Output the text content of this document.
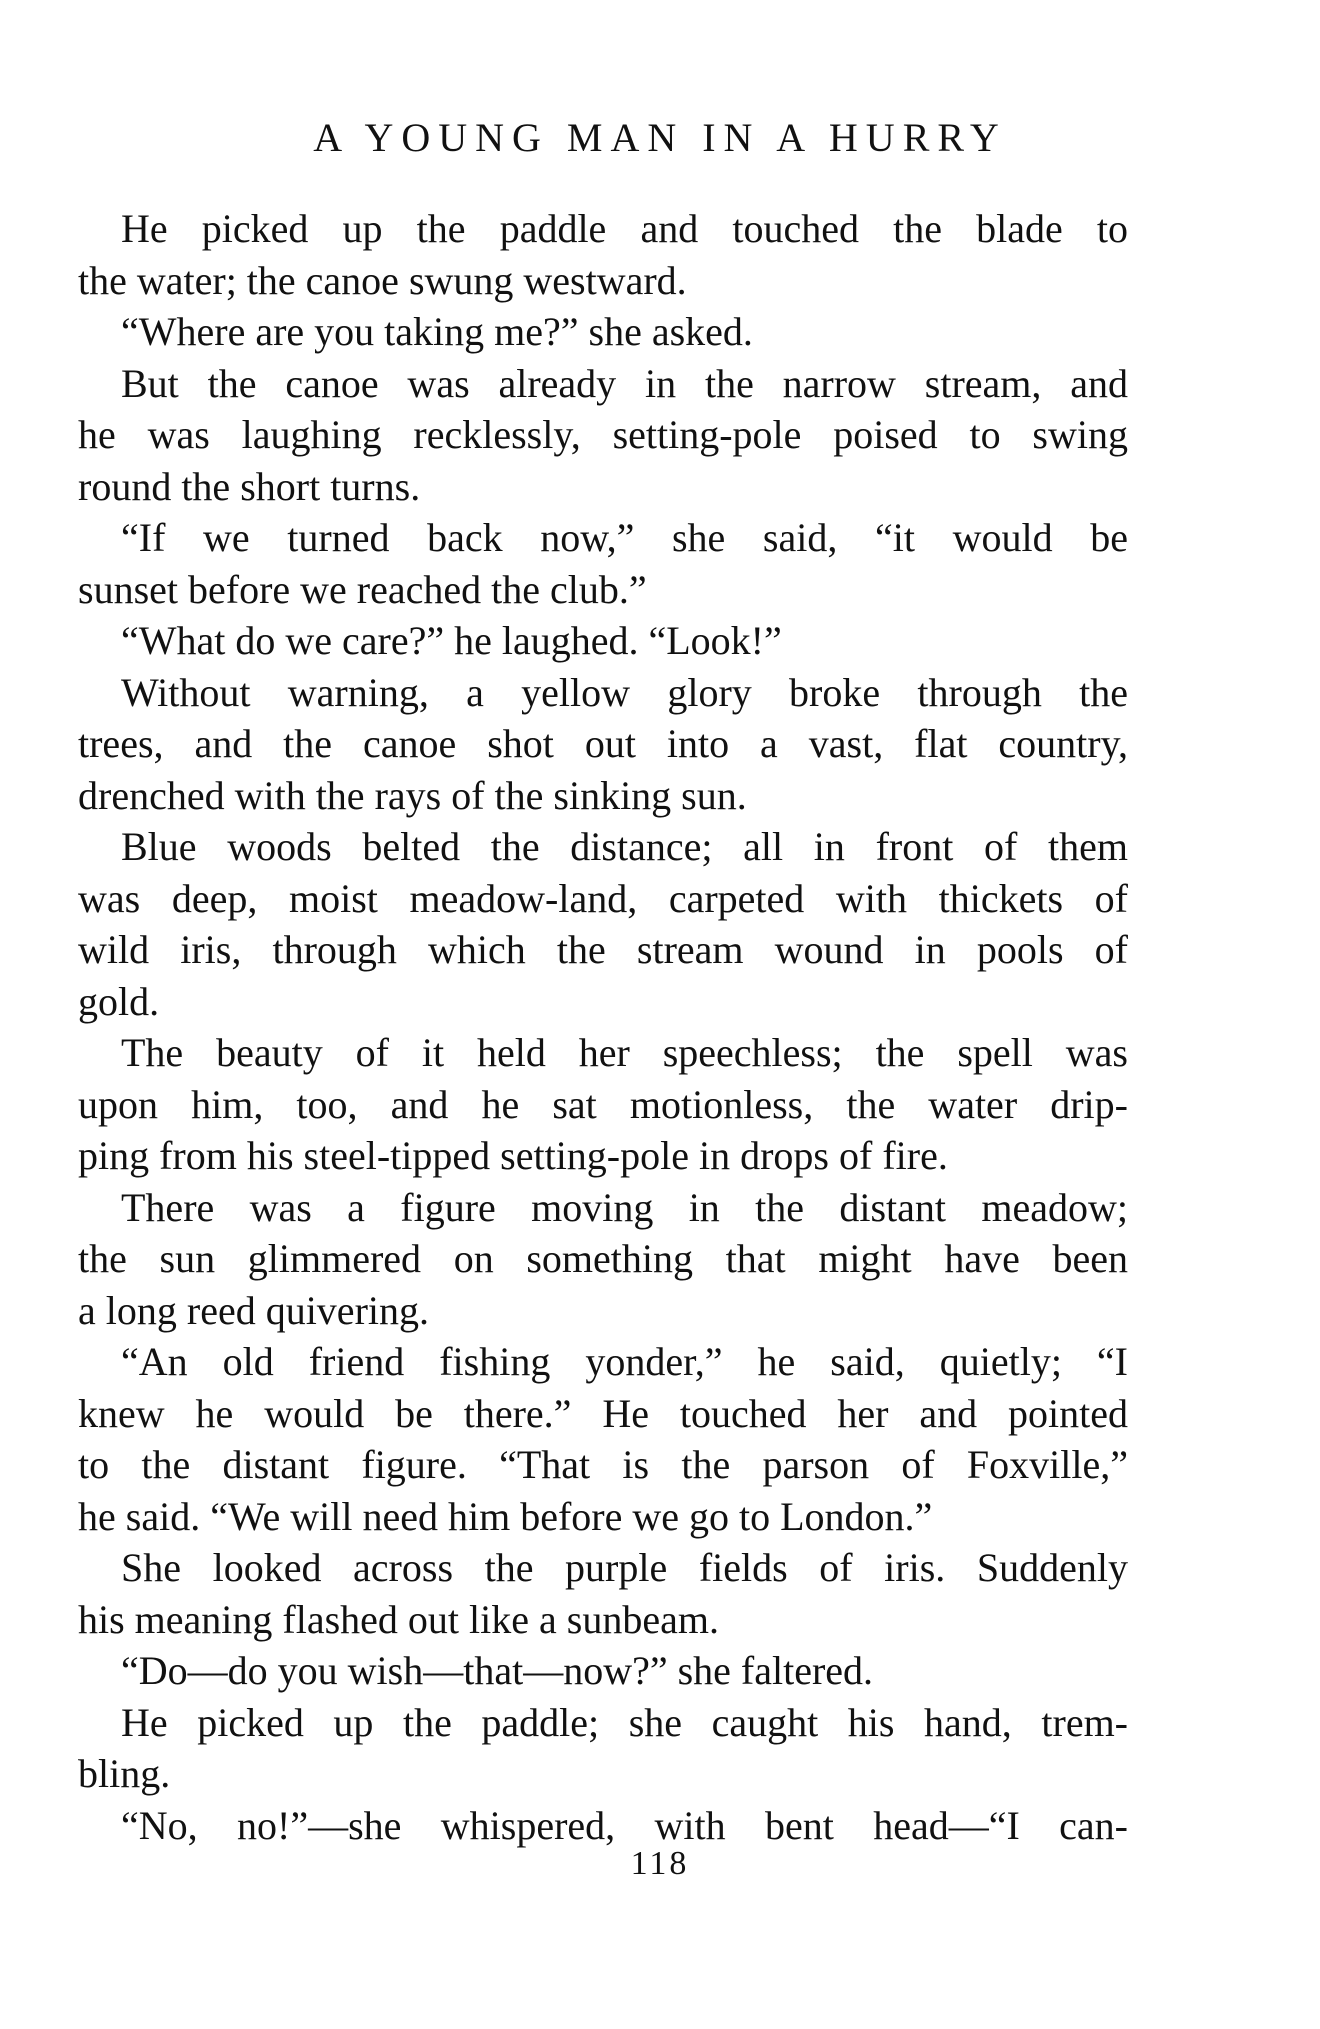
A YOUNG MAN IN A HURRY
He picked up the paddle and touched the blade to
the water; the canoe swung westward.
“Where are you taking me?” she asked.
But the canoe was already in the narrow stream, and
he was laughing recklessly, setting-pole poised to swing
round the short turns.
“If we turned back now,” she said, “it would be
sunset before we reached the club.”
“What do we care?” he laughed. “Look!”
Without warning, a yellow glory broke through the
trees, and the canoe shot out into a vast, flat country,
drenched with the rays of the sinking sun.
Blue woods belted the distance; all in front of them
was deep, moist meadow-land, carpeted with thickets of
wild iris, through which the stream wound in pools of
gold.
The beauty of it held her speechless; the spell was
upon him, too, and he sat motionless, the water drip-
ping from his steel-tipped setting-pole in drops of fire.
There was a figure moving in the distant meadow;
the sun glimmered on something that might have been
a long reed quivering.
“An old friend fishing yonder,” he said, quietly; “I
knew he would be there.” He touched her and pointed
to the distant figure. “That is the parson of Foxville,”
he said. “We will need him before we go to London.”
She looked across the purple fields of iris. Suddenly
his meaning flashed out like a sunbeam.
“Do—do you wish—that—now?” she faltered.
He picked up the paddle; she caught his hand, trem-
bling.
“No, no!”—she whispered, with bent head—“I can-
118
